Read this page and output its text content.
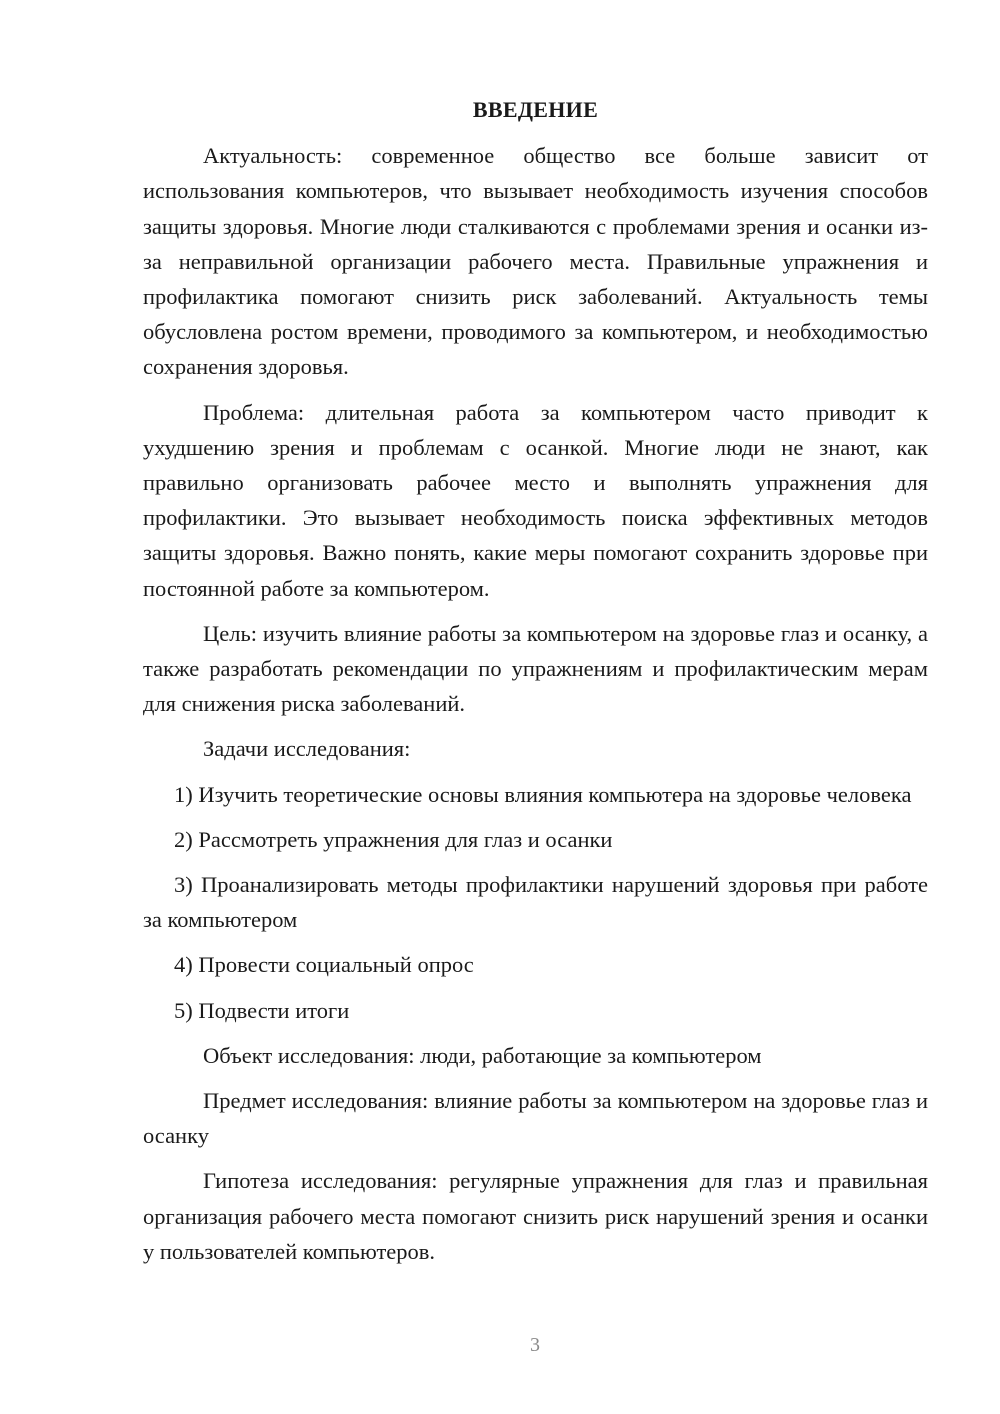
ВВЕДЕНИЕ

Актуальность: современное общество все больше зависит от использования компьютеров, что вызывает необходимость изучения способов защиты здоровья. Многие люди сталкиваются с проблемами зрения и осанки из-за неправильной организации рабочего места. Правильные упражнения и профилактика помогают снизить риск заболеваний. Актуальность темы обусловлена ростом времени, проводимого за компьютером, и необходимостью сохранения здоровья.

Проблема: длительная работа за компьютером часто приводит к ухудшению зрения и проблемам с осанкой. Многие люди не знают, как правильно организовать рабочее место и выполнять упражнения для профилактики. Это вызывает необходимость поиска эффективных методов защиты здоровья. Важно понять, какие меры помогают сохранить здоровье при постоянной работе за компьютером.

Цель: изучить влияние работы за компьютером на здоровье глаз и осанку, а также разработать рекомендации по упражнениям и профилактическим мерам для снижения риска заболеваний.

Задачи исследования:

1) Изучить теоретические основы влияния компьютера на здоровье человека

2) Рассмотреть упражнения для глаз и осанки

3) Проанализировать методы профилактики нарушений здоровья при работе за компьютером

4) Провести социальный опрос

5) Подвести итоги

Объект исследования: люди, работающие за компьютером

Предмет исследования: влияние работы за компьютером на здоровье глаз и осанку

Гипотеза исследования: регулярные упражнения для глаз и правильная организация рабочего места помогают снизить риск нарушений зрения и осанки у пользователей компьютеров.

3
